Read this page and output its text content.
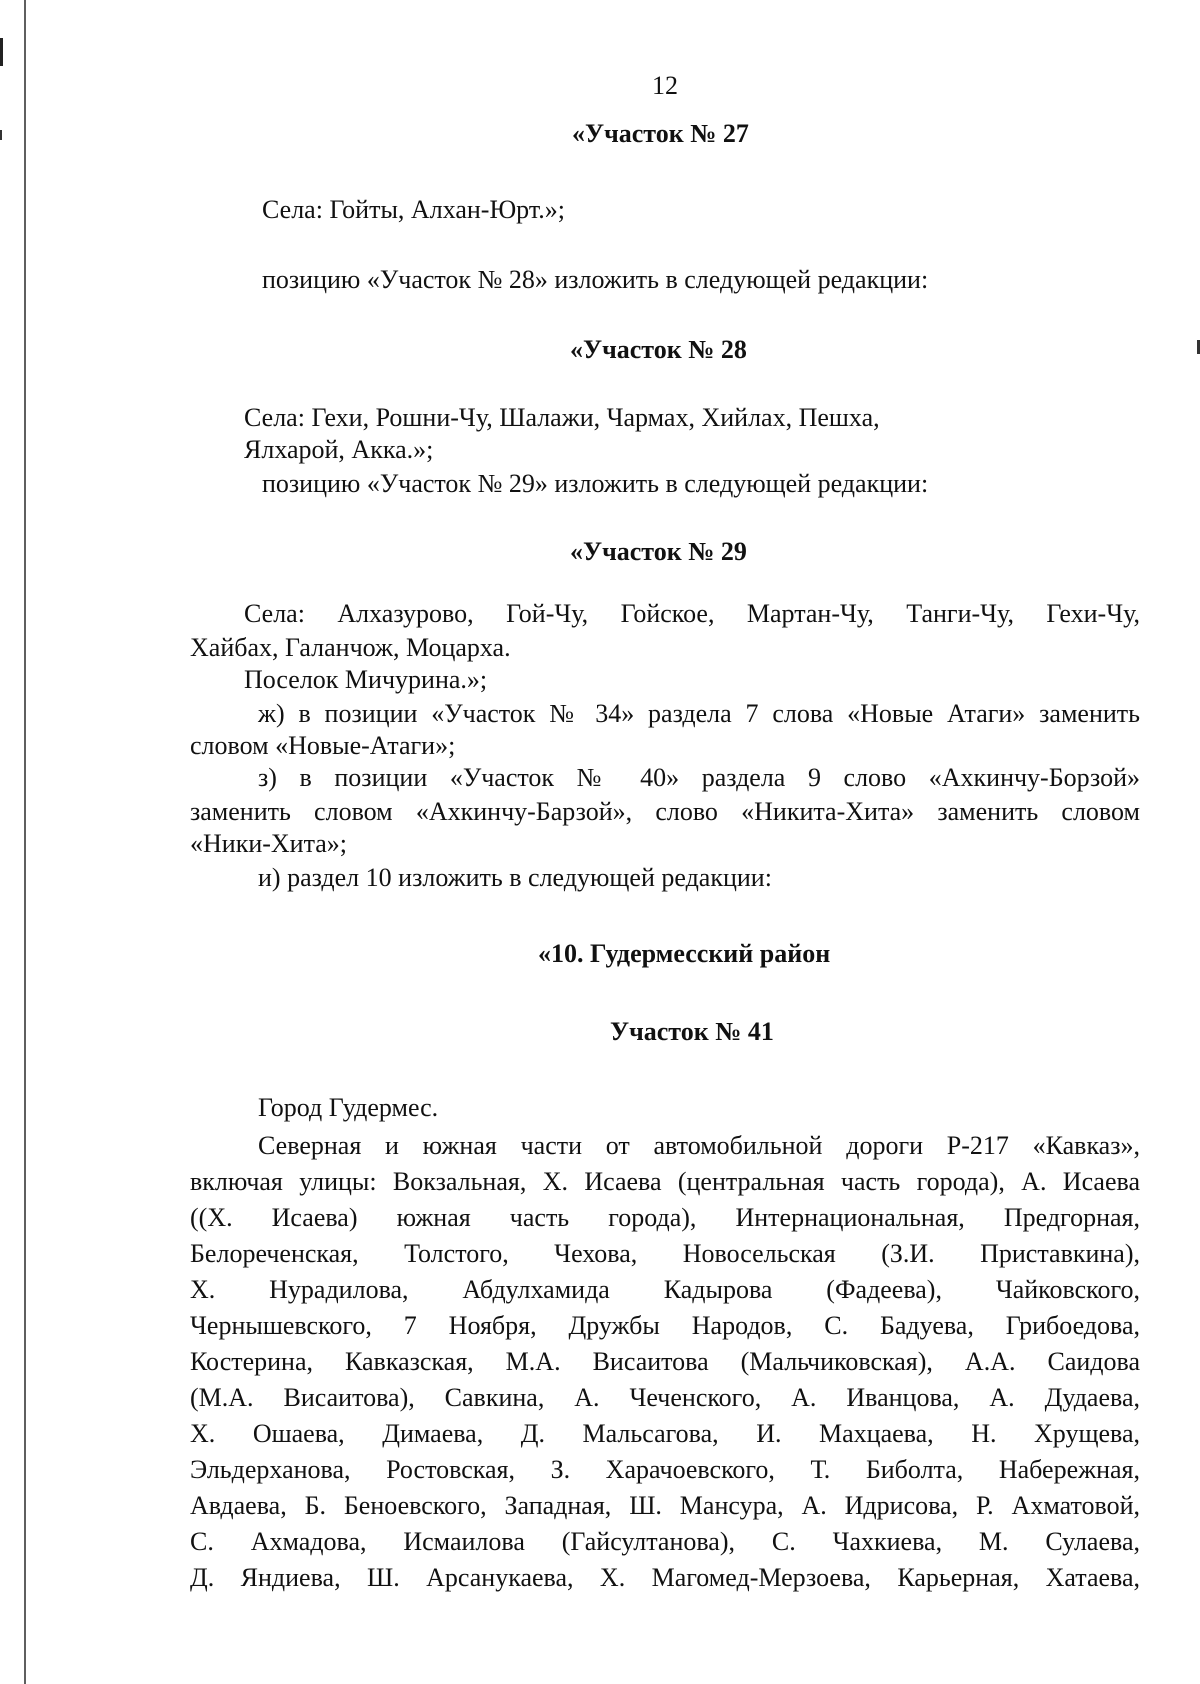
12

«Участок № 27

Села: Гойты, Алхан-Юрт.»;

позицию «Участок № 28» изложить в следующей редакции:

«Участок № 28

Села: Гехи, Рошни-Чу, Шалажи, Чармах, Хийлах, Пешха,

Ялхарой, Акка.»;

позицию «Участок № 29» изложить в следующей редакции:

«Участок № 29

Села: Алхазурово, Гой-Чу, Гойское, Мартан-Чу, Танги-Чу, Гехи-Чу,

Хайбах, Галанчож, Моцарха.

Поселок Мичурина.»;

ж) в позиции «Участок № 34» раздела 7 слова «Новые Атаги» заменить

словом «Новые-Атаги»;

з) в позиции «Участок № 40» раздела 9 слово «Ахкинчу-Борзой»

заменить словом «Ахкинчу-Барзой», слово «Никита-Хита» заменить словом

«Ники-Хита»;

и) раздел 10 изложить в следующей редакции:

«10. Гудермесский район

Участок № 41

Город Гудермес.

Северная и южная части от автомобильной дороги Р-217 «Кавказ»,

включая улицы: Вокзальная, Х. Исаева (центральная часть города), А. Исаева

((Х. Исаева) южная часть города), Интернациональная, Предгорная,

Белореченская, Толстого, Чехова, Новосельская (З.И. Приставкина),

Х. Нурадилова, Абдулхамида Кадырова (Фадеева), Чайковского,

Чернышевского, 7 Ноября, Дружбы Народов, С. Бадуева, Грибоедова,

Костерина, Кавказская, М.А. Висаитова (Мальчиковская), А.А. Саидова

(М.А. Висаитова), Савкина, А. Чеченского, А. Иванцова, А. Дудаева,

Х. Ошаева, Димаева, Д. Мальсагова, И. Махцаева, Н. Хрущева,

Эльдерханова, Ростовская, З. Харачоевского, Т. Биболта, Набережная,

Авдаева, Б. Беноевского, Западная, Ш. Мансура, А. Идрисова, Р. Ахматовой,

С. Ахмадова, Исмаилова (Гайсултанова), С. Чахкиева, М. Сулаева,

Д. Яндиева, Ш. Арсанукаева, Х. Магомед-Мерзоева, Карьерная, Хатаева,
